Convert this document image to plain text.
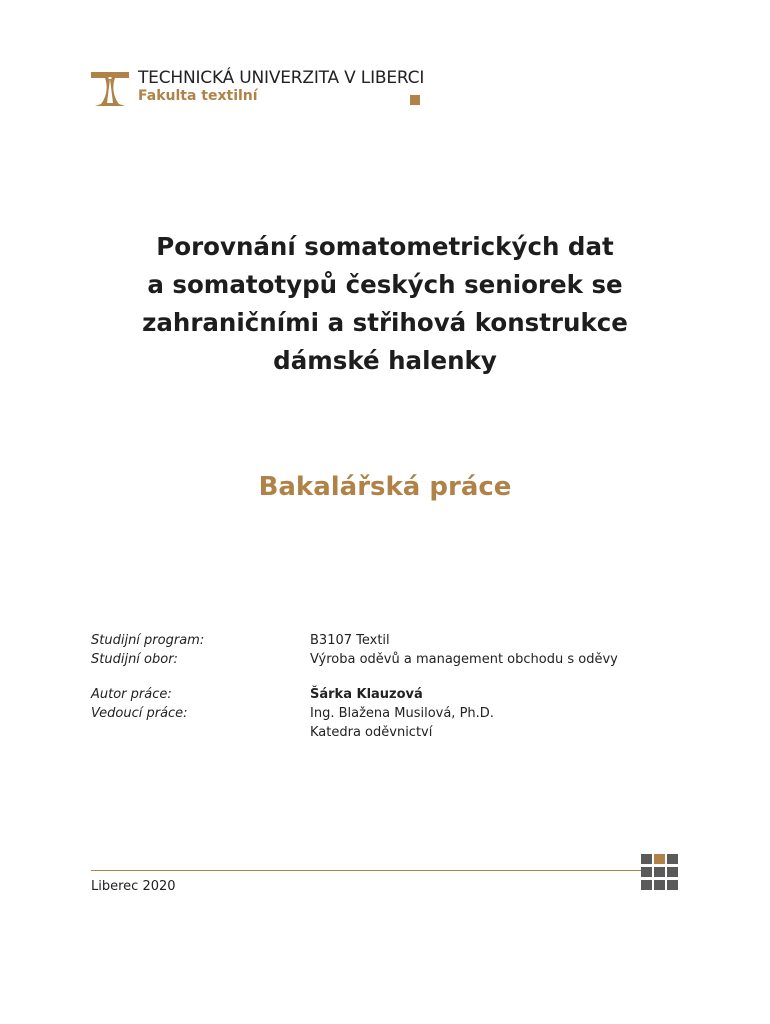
TECHNICKÁ UNIVERZITA V LIBERCI
Fakulta textilní
Porovnání somatometrických dat
a somatotypů českých seniorek se
zahraničními a střihová konstrukce
dámské halenky
Bakalářská práce
Studijní program:	B3107 Textil
Studijní obor:	Výroba oděvů a management obchodu s oděvy
Autor práce:	Šárka Klauzová
Vedoucí práce:	Ing. Blažena Musilová, Ph.D.
Katedra oděvnictví
Liberec 2020
